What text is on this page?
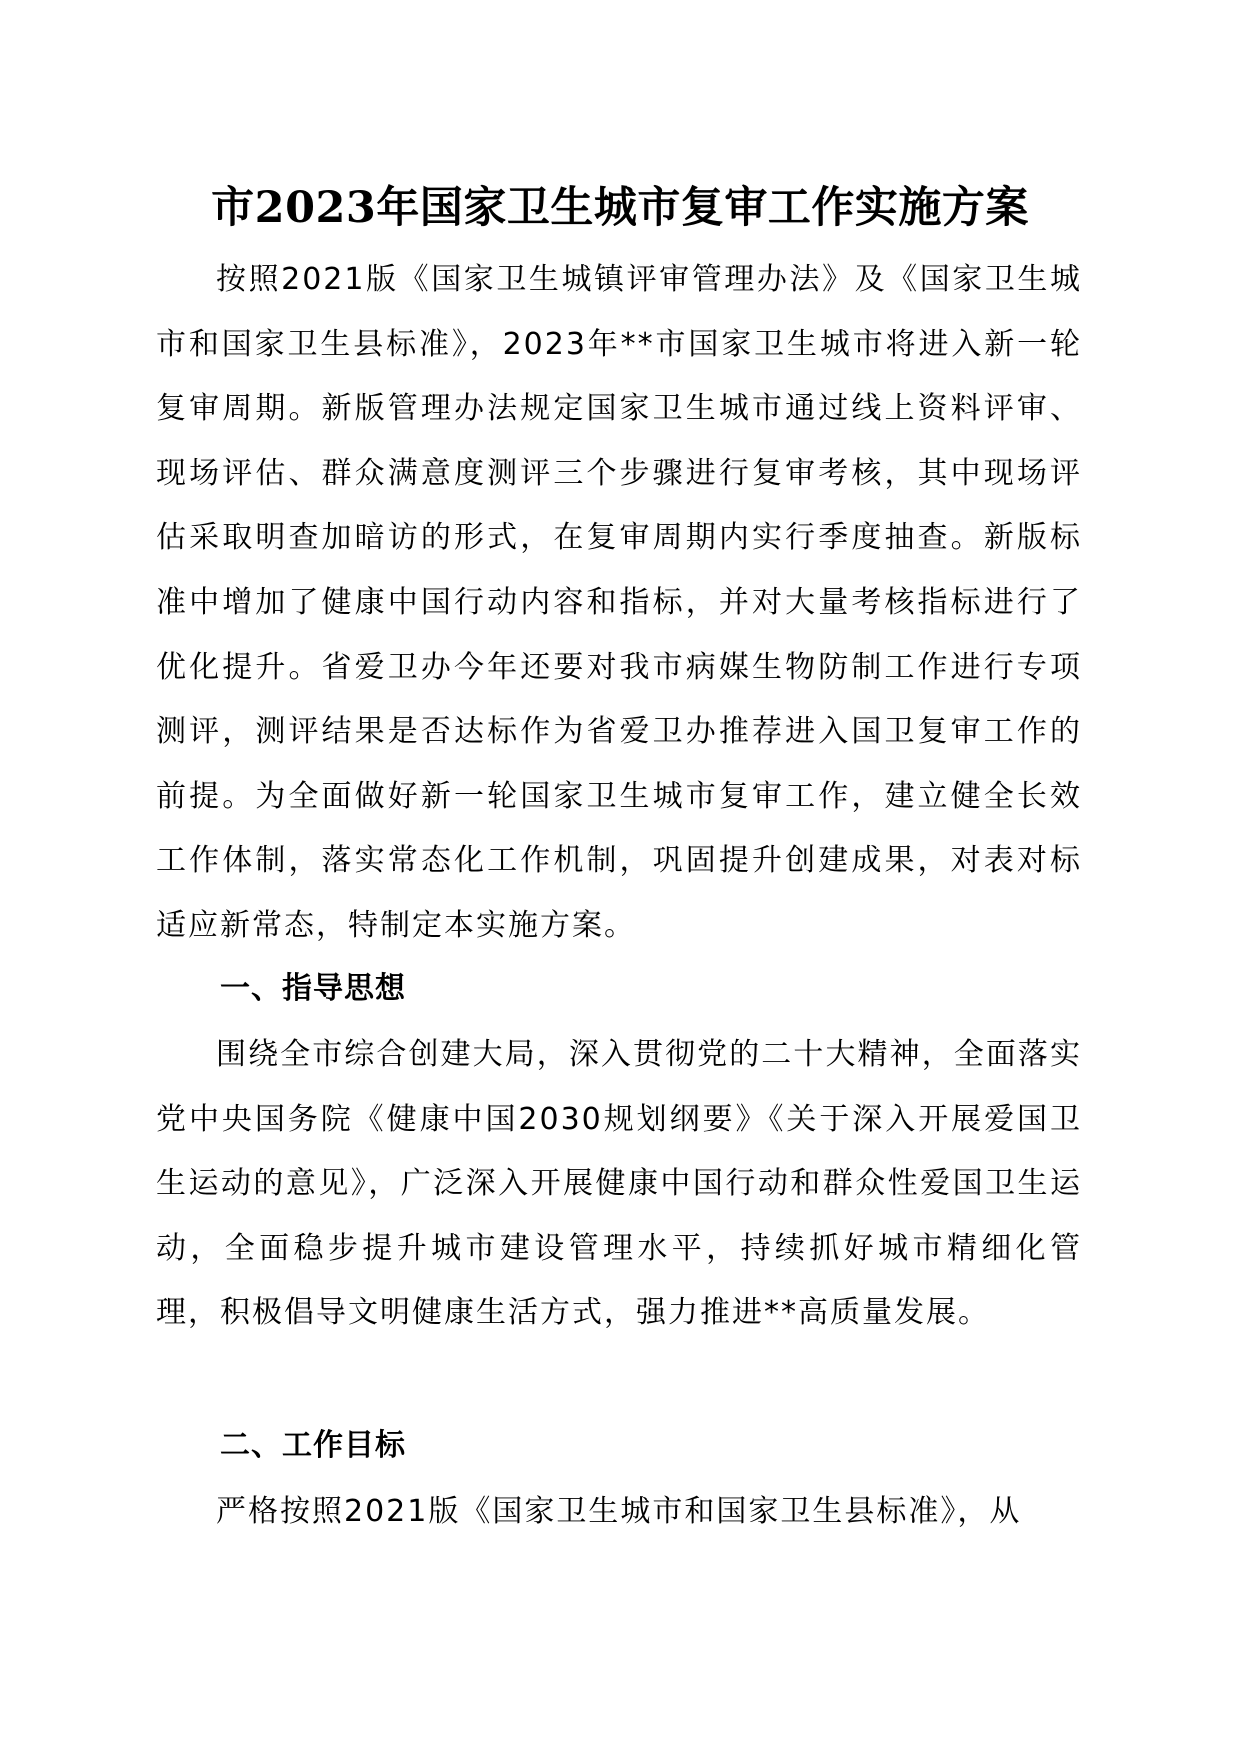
市2023年国家卫生城市复审工作实施方案

按照2021版《国家卫生城镇评审管理办法》及《国家卫生城市和国家卫生县标准》，2023年**市国家卫生城市将进入新一轮复审周期。新版管理办法规定国家卫生城市通过线上资料评审、现场评估、群众满意度测评三个步骤进行复审考核，其中现场评估采取明查加暗访的形式，在复审周期内实行季度抽查。新版标准中增加了健康中国行动内容和指标，并对大量考核指标进行了优化提升。省爱卫办今年还要对我市病媒生物防制工作进行专项测评，测评结果是否达标作为省爱卫办推荐进入国卫复审工作的前提。为全面做好新一轮国家卫生城市复审工作，建立健全长效工作体制，落实常态化工作机制，巩固提升创建成果，对表对标适应新常态，特制定本实施方案。

一、指导思想

围绕全市综合创建大局，深入贯彻党的二十大精神，全面落实党中央国务院《健康中国2030规划纲要》《关于深入开展爱国卫生运动的意见》，广泛深入开展健康中国行动和群众性爱国卫生运动，全面稳步提升城市建设管理水平，持续抓好城市精细化管理，积极倡导文明健康生活方式，强力推进**高质量发展。

二、工作目标

严格按照2021版《国家卫生城市和国家卫生县标准》，从
